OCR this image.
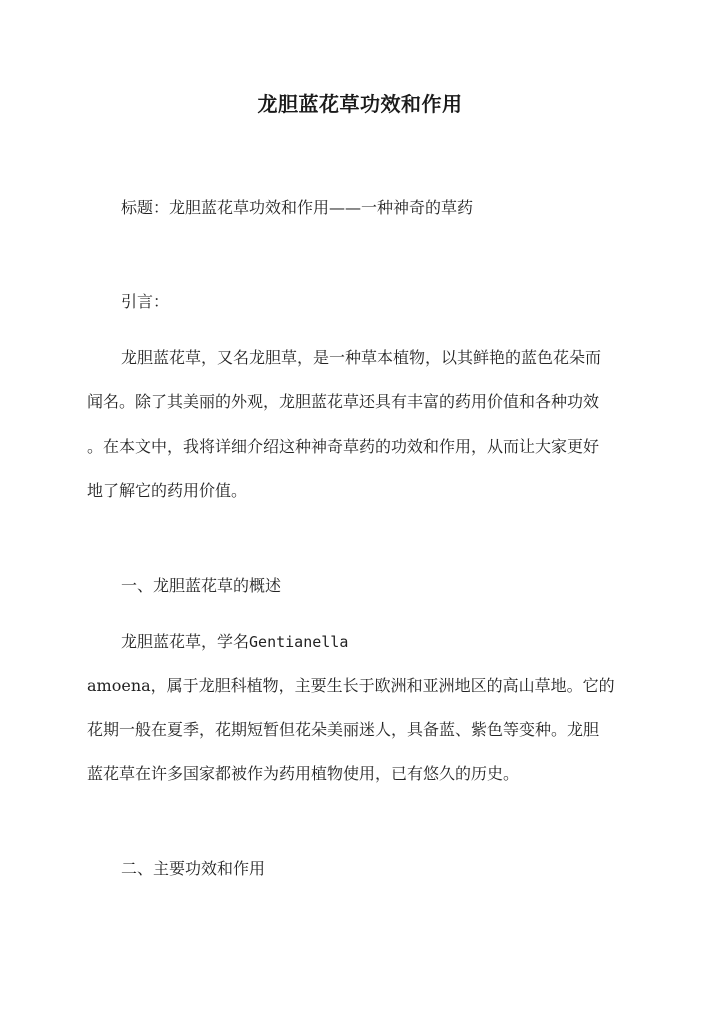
龙胆蓝花草功效和作用
标题：龙胆蓝花草功效和作用——一种神奇的草药
引言：
龙胆蓝花草，又名龙胆草，是一种草本植物，以其鲜艳的蓝色花朵而
闻名。除了其美丽的外观，龙胆蓝花草还具有丰富的药用价值和各种功效
。在本文中，我将详细介绍这种神奇草药的功效和作用，从而让大家更好
地了解它的药用价值。
一、龙胆蓝花草的概述
龙胆蓝花草，学名Gentianella
amoena，属于龙胆科植物，主要生长于欧洲和亚洲地区的高山草地。它的
花期一般在夏季，花期短暂但花朵美丽迷人，具备蓝、紫色等变种。龙胆
蓝花草在许多国家都被作为药用植物使用，已有悠久的历史。
二、主要功效和作用
